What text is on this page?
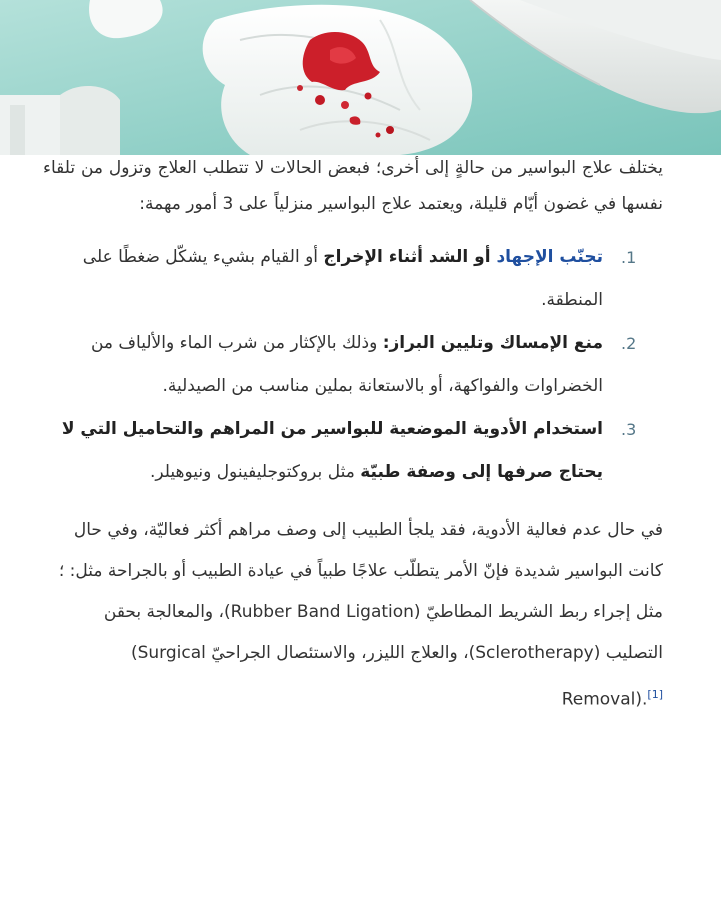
يختلف علاج البواسير من حالةٍ إلى أخرى؛ فبعض الحالات لا تتطلب العلاج وتزول من تلقاء نفسها في غضون أيّام قليلة، ويعتمد علاج البواسير منزلياً على 3 أمور مهمة:

.1
تجنّب الإجهاد أو الشد أثناء الإخراج أو القيام بشيء يشكّل ضغطًا على المنطقة.
.2
منع الإمساك وتليين البراز: وذلك بالإكثار من شرب الماء والألياف من الخضراوات والفواكهة، أو بالاستعانة بملين مناسب من الصيدلية.
.3
استخدام الأدوية الموضعية للبواسير من المراهم والتحاميل التي لا يحتاج صرفها إلى وصفة طبيّة مثل بروكتوجليفينول ونيوهيلر.

في حال عدم فعالية الأدوية، فقد يلجأ الطبيب إلى وصف مراهم أكثر فعاليّة، وفي حال كانت البواسير شديدة فإنّ الأمر يتطلّب علاجًا طبياً في عيادة الطبيب أو بالجراحة مثل: ؛ مثل إجراء ربط الشريط المطاطيّ (Rubber Band Ligation)، والمعالجة بحقن التصليب (Sclerotherapy)، والعلاج الليزر، والاستئصال الجراحيّ (Surgical Removal).[1]
